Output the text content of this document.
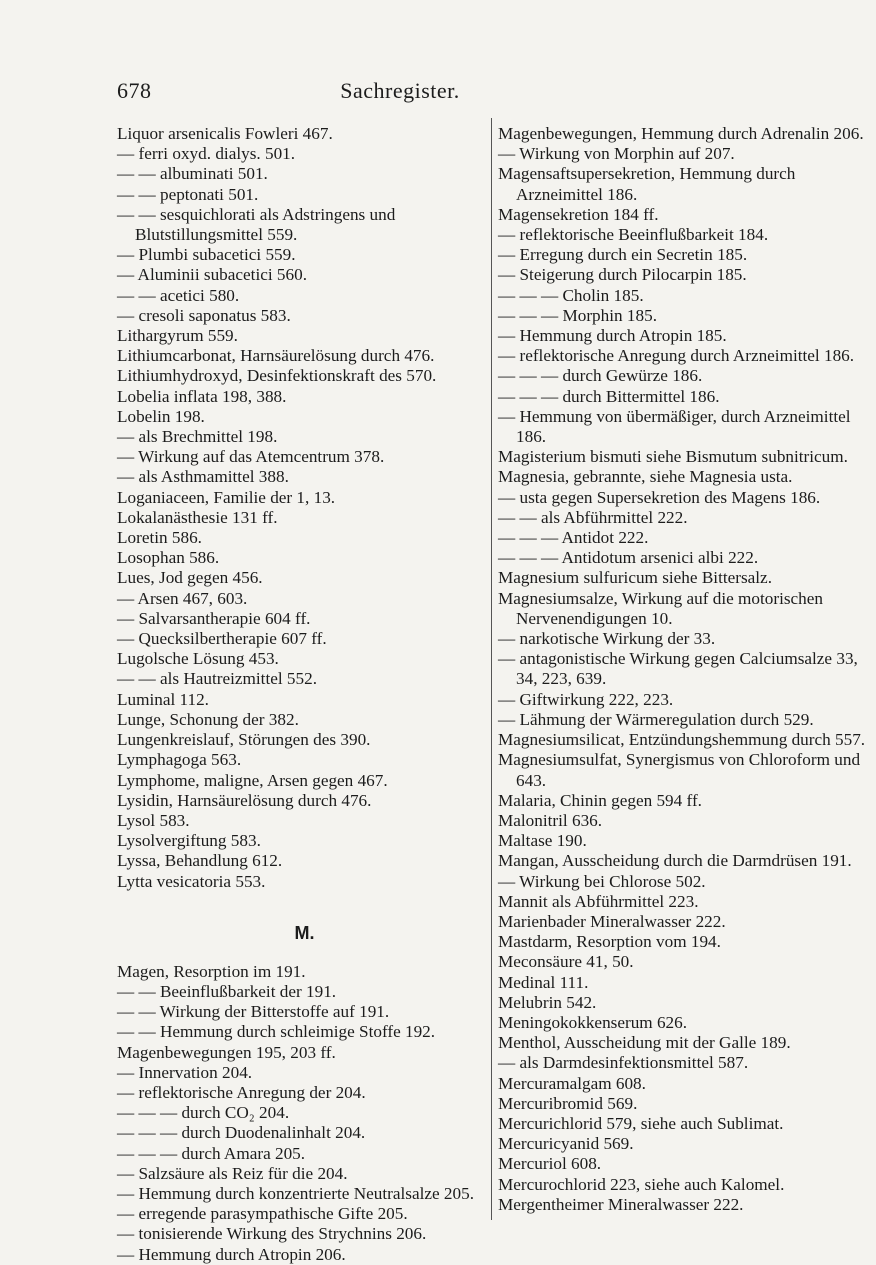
678	Sachregister.

Liquor arsenicalis Fowleri 467.

— ferri oxyd. dialys. 501.

— — albuminati 501.

— — peptonati 501.

— — sesquichlorati als Adstringens und Blutstillungsmittel 559.

— Plumbi subacetici 559.

— Aluminii subacetici 560.

— — acetici 580.

— cresoli saponatus 583.

Lithargyrum 559.

Lithiumcarbonat, Harnsäurelösung durch 476.

Lithiumhydroxyd, Desinfektionskraft des 570.

Lobelia inflata 198, 388.

Lobelin 198.

— als Brechmittel 198.

— Wirkung auf das Atemcentrum 378.

— als Asthmamittel 388.

Loganiaceen, Familie der 1, 13.

Lokalanästhesie 131 ff.

Loretin 586.

Losophan 586.

Lues, Jod gegen 456.

— Arsen 467, 603.

— Salvarsantherapie 604 ff.

— Quecksilbertherapie 607 ff.

Lugolsche Lösung 453.

— — als Hautreizmittel 552.

Luminal 112.

Lunge, Schonung der 382.

Lungenkreislauf, Störungen des 390.

Lymphagoga 563.

Lymphome, maligne, Arsen gegen 467.

Lysidin, Harnsäurelösung durch 476.

Lysol 583.

Lysolvergiftung 583.

Lyssa, Behandlung 612.

Lytta vesicatoria 553.

M.

Magen, Resorption im 191.

— — Beeinflußbarkeit der 191.

— — Wirkung der Bitterstoffe auf 191.

— — Hemmung durch schleimige Stoffe 192.

Magenbewegungen 195, 203 ff.

— Innervation 204.

— reflektorische Anregung der 204.

— — — durch CO₂ 204.

— — — durch Duodenalinhalt 204.

— — — durch Amara 205.

— Salzsäure als Reiz für die 204.

— Hemmung durch konzentrierte Neutralsalze 205.

— erregende parasympathische Gifte 205.

— tonisierende Wirkung des Strychnins 206.

— Hemmung durch Atropin 206.

Magenbewegungen, Hemmung durch Adrenalin 206.

— Wirkung von Morphin auf 207.

Magensaftsupersekretion, Hemmung durch Arzneimittel 186.

Magensekretion 184 ff.

— reflektorische Beeinflußbarkeit 184.

— Erregung durch ein Secretin 185.

— Steigerung durch Pilocarpin 185.

— — — Cholin 185.

— — — Morphin 185.

— Hemmung durch Atropin 185.

— reflektorische Anregung durch Arzneimittel 186.

— — — durch Gewürze 186.

— — — durch Bittermittel 186.

— Hemmung von übermäßiger, durch Arzneimittel 186.

Magisterium bismuti siehe Bismutum subnitricum.

Magnesia, gebrannte, siehe Magnesia usta.

— usta gegen Supersekretion des Magens 186.

— — als Abführmittel 222.

— — — Antidot 222.

— — — Antidotum arsenici albi 222.

Magnesium sulfuricum siehe Bittersalz.

Magnesiumsalze, Wirkung auf die motorischen Nervenendigungen 10.

— narkotische Wirkung der 33.

— antagonistische Wirkung gegen Calciumsalze 33, 34, 223, 639.

— Giftwirkung 222, 223.

— Lähmung der Wärmeregulation durch 529.

Magnesiumsilicat, Entzündungshemmung durch 557.

Magnesiumsulfat, Synergismus von Chloroform und 643.

Malaria, Chinin gegen 594 ff.

Malonitril 636.

Maltase 190.

Mangan, Ausscheidung durch die Darmdrüsen 191.

— Wirkung bei Chlorose 502.

Mannit als Abführmittel 223.

Marienbader Mineralwasser 222.

Mastdarm, Resorption vom 194.

Meconsäure 41, 50.

Medinal 111.

Melubrin 542.

Meningokokkenserum 626.

Menthol, Ausscheidung mit der Galle 189.

— als Darmdesinfektionsmittel 587.

Mercuramalgam 608.

Mercuribromid 569.

Mercurichlorid 579, siehe auch Sublimat.

Mercuricyanid 569.

Mercuriol 608.

Mercurochlorid 223, siehe auch Kalomel.

Mergentheimer Mineralwasser 222.
